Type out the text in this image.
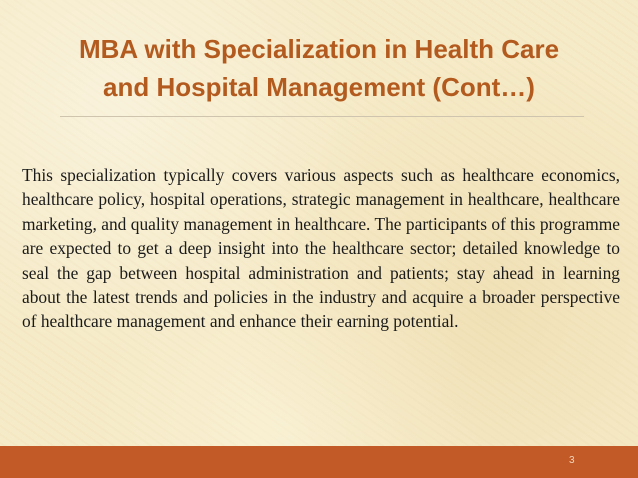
MBA with Specialization in Health Care
and Hospital Management (Cont…)

This specialization typically covers various aspects such as healthcare economics, healthcare policy, hospital operations, strategic management in healthcare, healthcare marketing, and quality management in healthcare. The participants of this programme are expected to get a deep insight into the healthcare sector; detailed knowledge to seal the gap between hospital administration and patients; stay ahead in learning about the latest trends and policies in the industry and acquire a broader perspective of healthcare management and enhance their earning potential.

3
